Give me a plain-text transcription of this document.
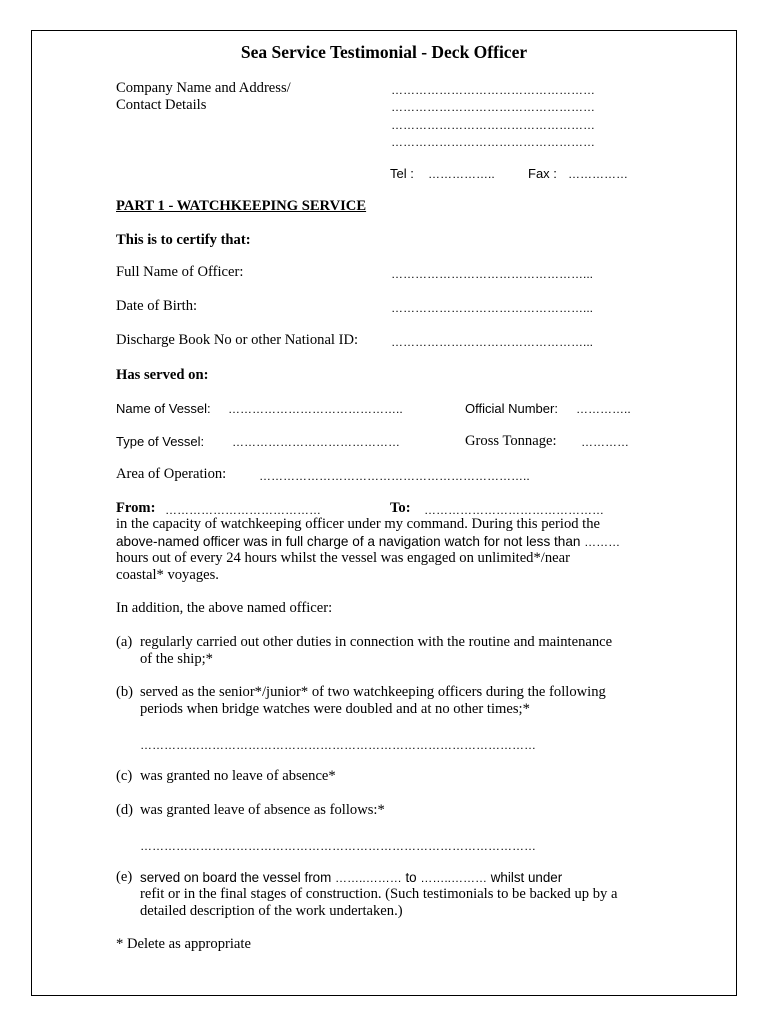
Sea Service Testimonial - Deck Officer
Company Name and Address/
Contact Details
……………………………………………
……………………………………………
……………………………………………
……………………………………………
Tel : ……………..	Fax : ……………
PART 1 - WATCHKEEPING SERVICE
This is to certify that:
Full Name of Officer:	…………………………………………...
Date of Birth:	…………………………………………...
Discharge Book No or other National ID:	…………………………………………...
Has served on:
Name of Vessel: ……………………………………..	Official Number: …………..
Type of Vessel: ……………………………………	Gross Tonnage: …………
Area of Operation:	…………………………………………………………..
From: …………………………………	To: ………………………………………
in the capacity of watchkeeping officer under my command. During this period the
above-named officer was in full charge of a navigation watch for not less than ………
hours out of every 24 hours whilst the vessel was engaged on unlimited*/near
coastal* voyages.
In addition, the above named officer:
(a) regularly carried out other duties in connection with the routine and maintenance
of the ship;*
(b) served as the senior*/junior* of two watchkeeping officers during the following
periods when bridge watches were doubled and at no other times;*
………………………………………………………………………………………
(c) was granted no leave of absence*
(d) was granted leave of absence as follows:*
………………………………………………………………………………………
(e) served on board the vessel from ……..……… to ……..……… whilst under
refit or in the final stages of construction. (Such testimonials to be backed up by a
detailed description of the work undertaken.)
* Delete as appropriate
